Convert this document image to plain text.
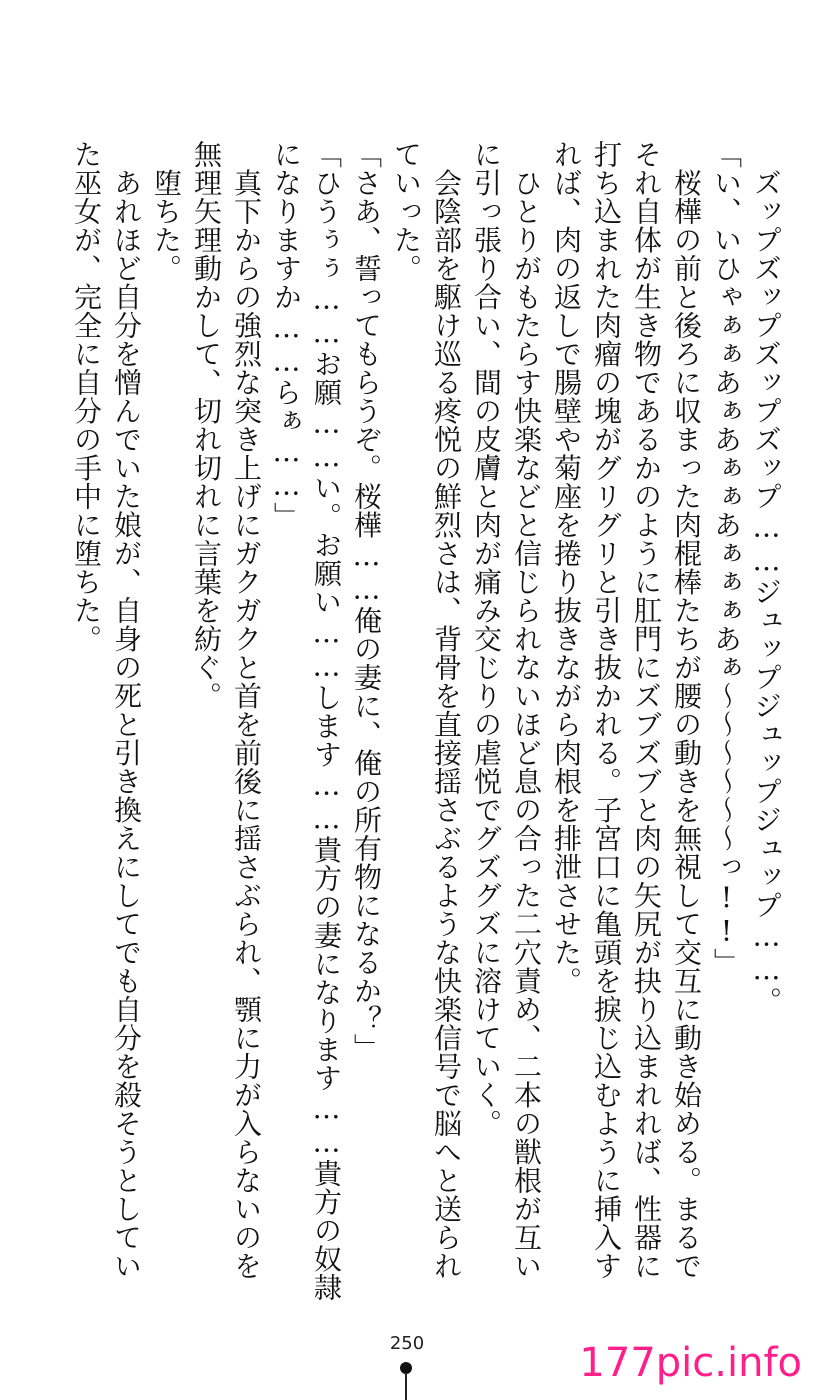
　ズップズップズップズップ……ジュップジュップジュップ……。
「い、いひゃぁぁあぁあぁぁあぁぁぁあぁ～～～～～～っ!!」
　桜樺の前と後ろに収まった肉棍棒たちが腰の動きを無視して交互に動き始める。まるで
それ自体が生き物であるかのように肛門にズブズブと肉の矢尻が抉り込まれれば、性器に
打ち込まれた肉瘤の塊がグリグリと引き抜かれる。子宮口に亀頭を捩じ込むように挿入す
れば、肉の返しで腸壁や菊座を捲り抜きながら肉根を排泄させた。
　ひとりがもたらす快楽などと信じられないほど息の合った二穴責め、二本の獣根が互い
に引っ張り合い、間の皮膚と肉が痛み交じりの虐悦でグズグズに溶けていく。
　会陰部を駆け巡る疼悦の鮮烈さは、背骨を直接揺さぶるような快楽信号で脳へと送られ
ていった。
「さあ、誓ってもらうぞ。桜樺……俺の妻に、俺の所有物になるか？」
「ひうぅぅ……お願……い。お願い……します……貴方の妻になります……貴方の奴隷
になりますか……らぁ……」
　真下からの強烈な突き上げにガクガクと首を前後に揺さぶられ、顎に力が入らないのを
無理矢理動かして、切れ切れに言葉を紡ぐ。
　堕ちた。
　あれほど自分を憎んでいた娘が、自身の死と引き換えにしてでも自分を殺そうとしてい
た巫女が、完全に自分の手中に堕ちた。
250	177pic.info
